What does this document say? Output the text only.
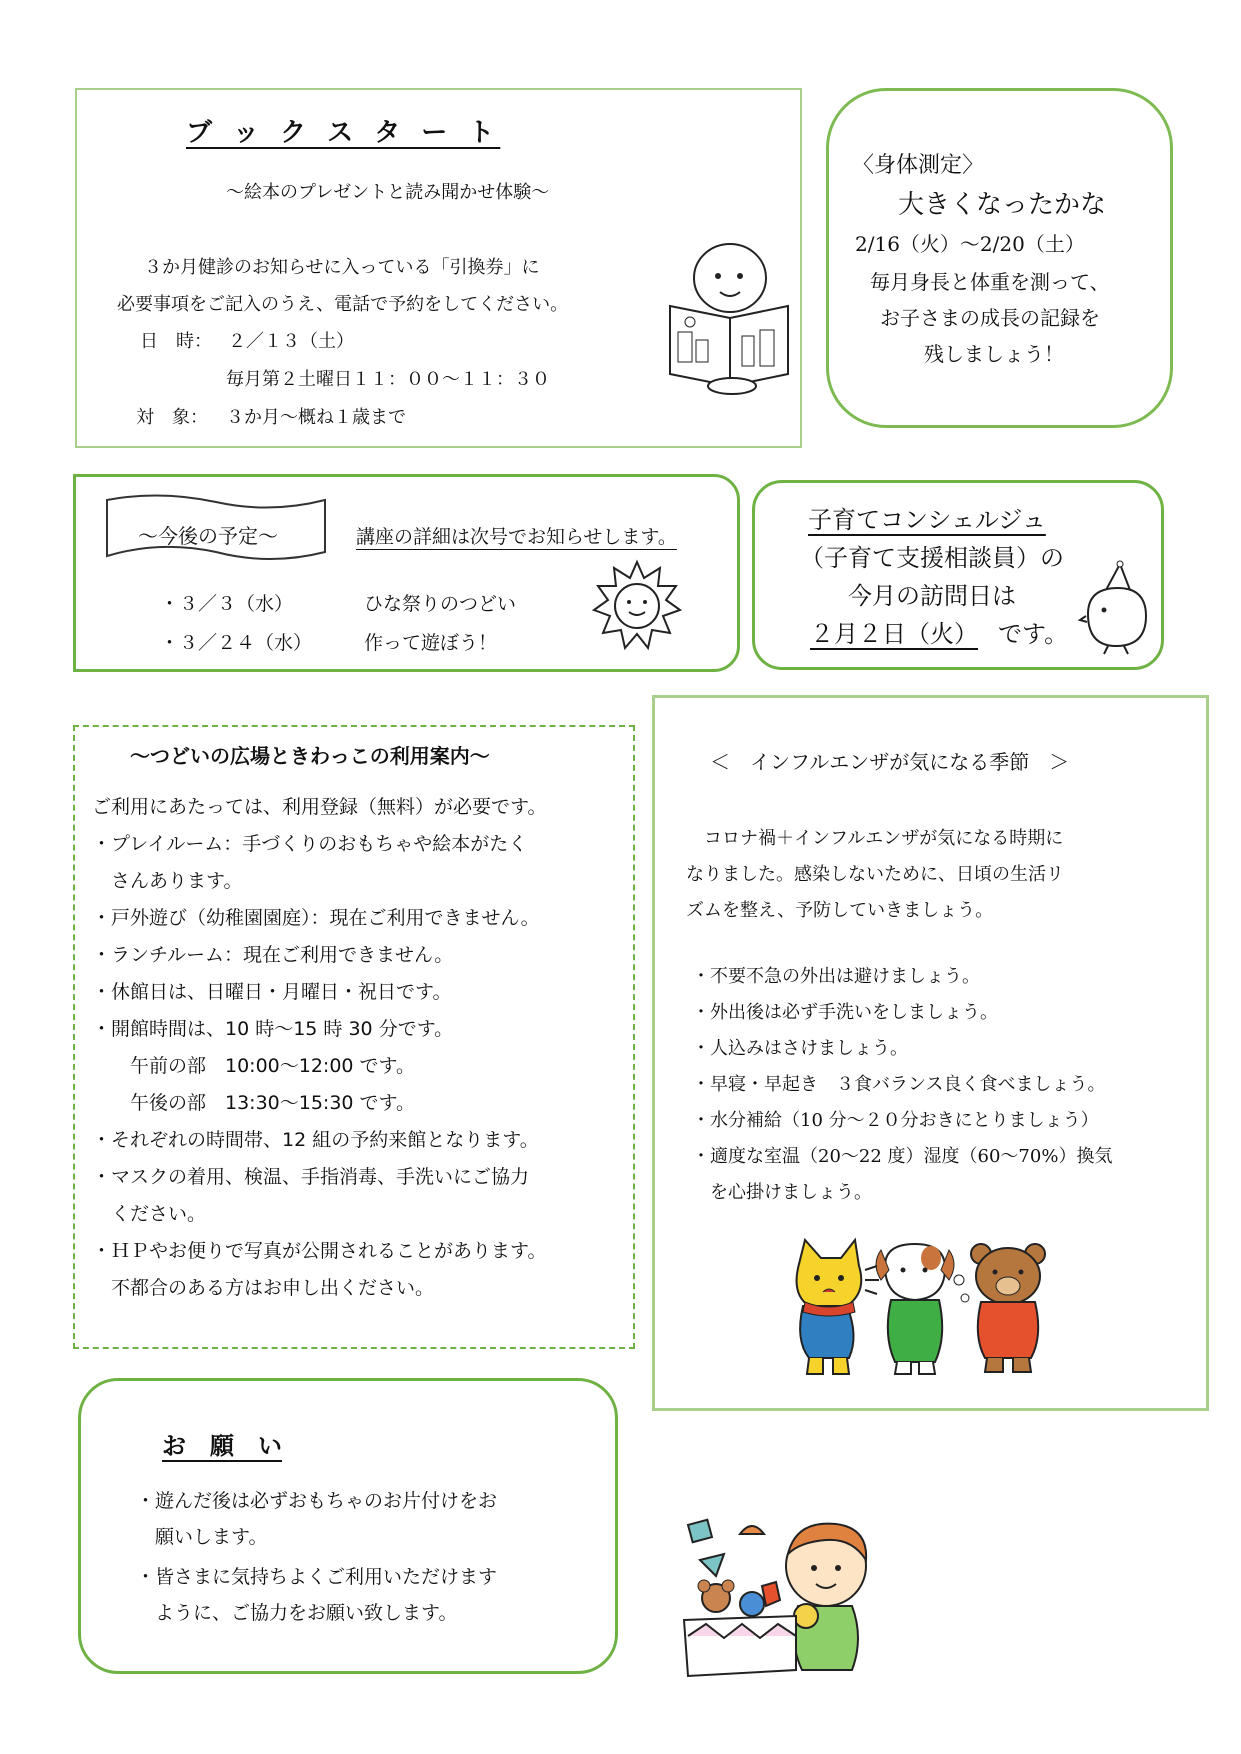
ブ ッ ク ス タ ー ト
～絵本のプレゼントと読み聞かせ体験～
３か月健診のお知らせに入っている「引換券」に
必要事項をご記入のうえ、電話で予約をしてください。
日　時： ２／１３（土）
毎月第２土曜日１１：００～１１：３０
対　象： ３か月～概ね１歳まで
〈身体測定〉
大きくなったかな
2/16（火）～2/20（土）
毎月身長と体重を測って、
お子さまの成長の記録を
残しましょう！
～今後の予定～	講座の詳細は次号でお知らせします。
・３／３（水）	ひな祭りのつどい
・３／２４（水）	作って遊ぼう！
子育てコンシェルジュ
（子育て支援相談員）の
今月の訪問日は
２月２日（火） です。
～つどいの広場ときわっこの利用案内～
ご利用にあたっては、利用登録（無料）が必要です。
・プレイルーム：手づくりのおもちゃや絵本がたく
　さんあります。
・戸外遊び（幼稚園園庭）：現在ご利用できません。
・ランチルーム：現在ご利用できません。
・休館日は、日曜日・月曜日・祝日です。
・開館時間は、10 時～15 時 30 分です。
　　午前の部　10:00～12:00 です。
　　午後の部　13:30～15:30 です。
・それぞれの時間帯、12 組の予約来館となります。
・マスクの着用、検温、手指消毒、手洗いにご協力
　ください。
・ＨＰやお便りで写真が公開されることがあります。
　不都合のある方はお申し出ください。
＜　インフルエンザが気になる季節　＞
　コロナ禍＋インフルエンザが気になる時期に
なりました。感染しないために、日頃の生活リ
ズムを整え、予防していきましょう。
・不要不急の外出は避けましょう。
・外出後は必ず手洗いをしましょう。
・人込みはさけましょう。
・早寝・早起き　３食バランス良く食べましょう。
・水分補給（10 分～２０分おきにとりましょう）
・適度な室温（20～22 度）湿度（60～70%）換気
　を心掛けましょう。
お　願　い
・遊んだ後は必ずおもちゃのお片付けをお
　願いします。
・皆さまに気持ちよくご利用いただけます
　ように、ご協力をお願い致します。
